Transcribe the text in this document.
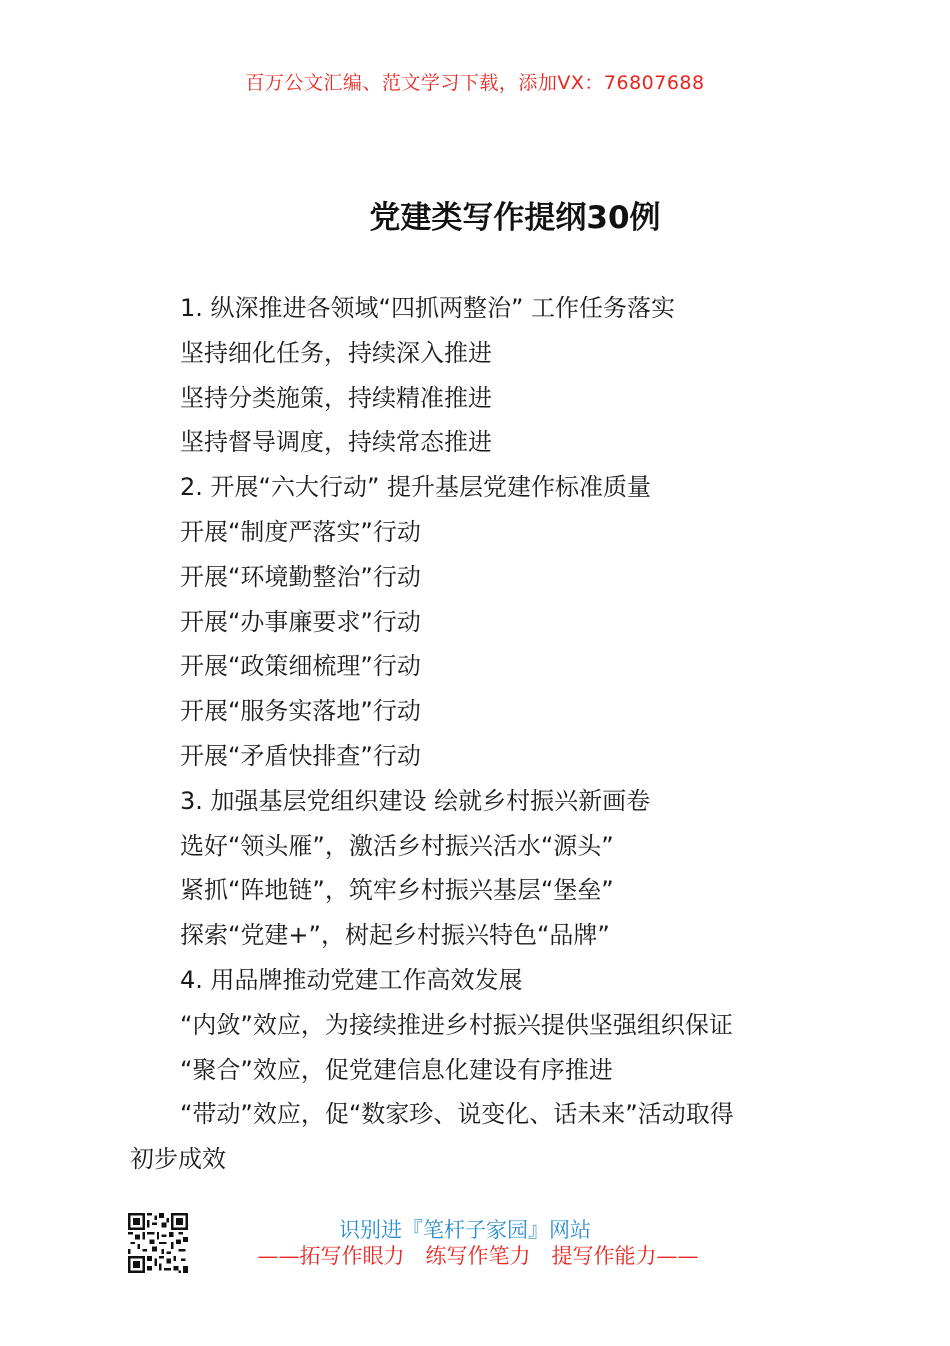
百万公文汇编、范文学习下载，添加VX：76807688
党建类写作提纲30例
1. 纵深推进各领域“四抓两整治” 工作任务落实
坚持细化任务，持续深入推进
坚持分类施策，持续精准推进
坚持督导调度，持续常态推进
2. 开展“六大行动” 提升基层党建作标准质量
开展“制度严落实”行动
开展“环境勤整治”行动
开展“办事廉要求”行动
开展“政策细梳理”行动
开展“服务实落地”行动
开展“矛盾快排查”行动
3. 加强基层党组织建设 绘就乡村振兴新画卷
选好“领头雁”，激活乡村振兴活水“源头”
紧抓“阵地链”，筑牢乡村振兴基层“堡垒”
探索“党建+”，树起乡村振兴特色“品牌”
4. 用品牌推动党建工作高效发展
“内敛”效应，为接续推进乡村振兴提供坚强组织保证
“聚合”效应，促党建信息化建设有序推进
“带动”效应，促“数家珍、说变化、话未来”活动取得
初步成效
识别进『笔杆子家园』网站
——拓写作眼力　练写作笔力　提写作能力——
